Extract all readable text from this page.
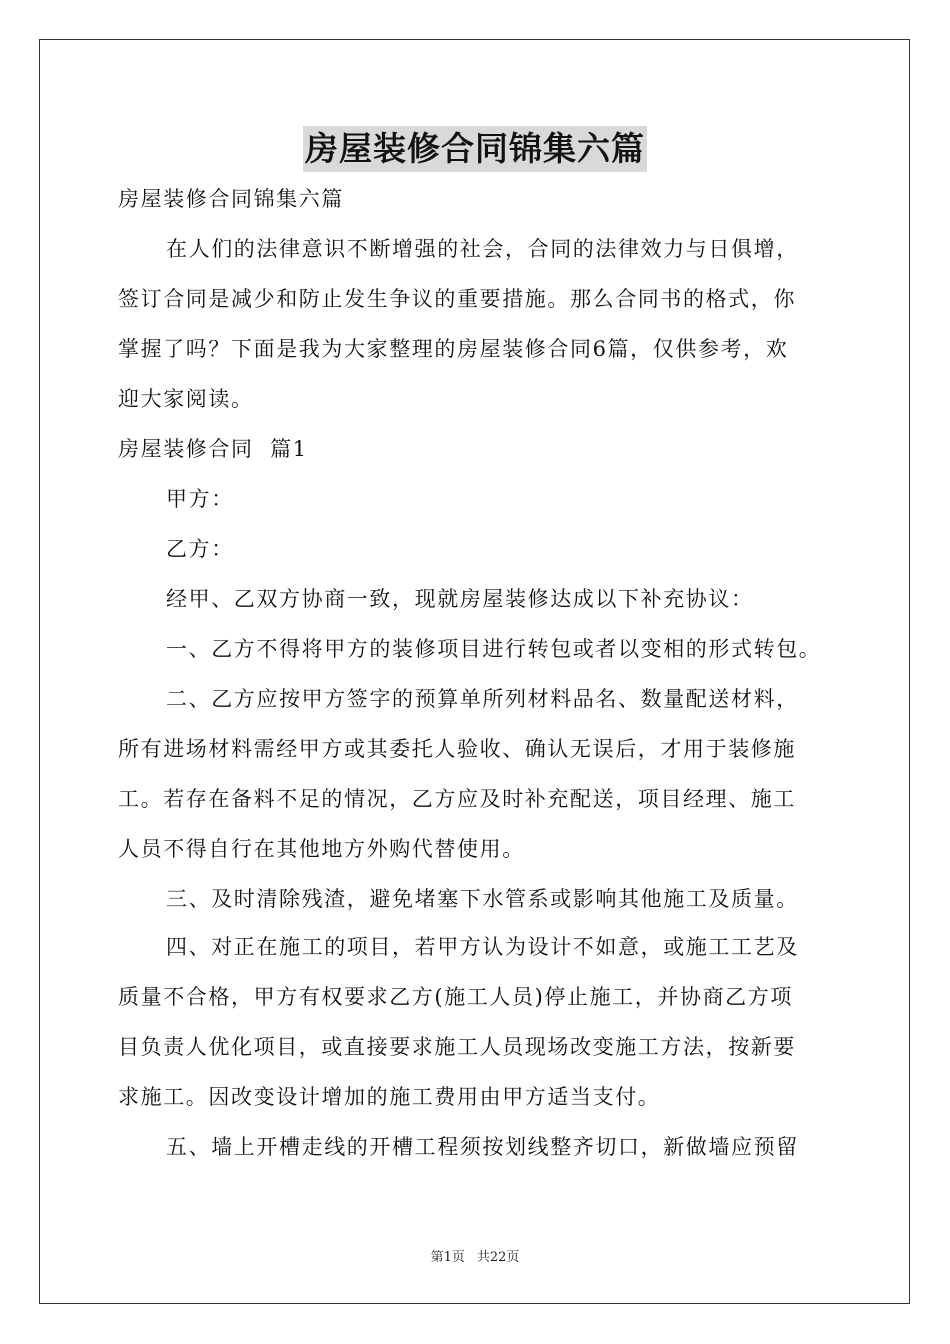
房屋装修合同锦集六篇
房屋装修合同锦集六篇
在人们的法律意识不断增强的社会，合同的法律效力与日俱增，
签订合同是减少和防止发生争议的重要措施。那么合同书的格式，你
掌握了吗？下面是我为大家整理的房屋装修合同6篇，仅供参考，欢
迎大家阅读。
房屋装修合同  篇1
甲方：
乙方：
经甲、乙双方协商一致，现就房屋装修达成以下补充协议：
一、乙方不得将甲方的装修项目进行转包或者以变相的形式转包。
二、乙方应按甲方签字的预算单所列材料品名、数量配送材料，
所有进场材料需经甲方或其委托人验收、确认无误后，才用于装修施
工。若存在备料不足的情况，乙方应及时补充配送，项目经理、施工
人员不得自行在其他地方外购代替使用。
三、及时清除残渣，避免堵塞下水管系或影响其他施工及质量。
四、对正在施工的项目，若甲方认为设计不如意，或施工工艺及
质量不合格，甲方有权要求乙方(施工人员)停止施工，并协商乙方项
目负责人优化项目，或直接要求施工人员现场改变施工方法，按新要
求施工。因改变设计增加的施工费用由甲方适当支付。
五、墙上开槽走线的开槽工程须按划线整齐切口，新做墙应预留
第1页 共22页
